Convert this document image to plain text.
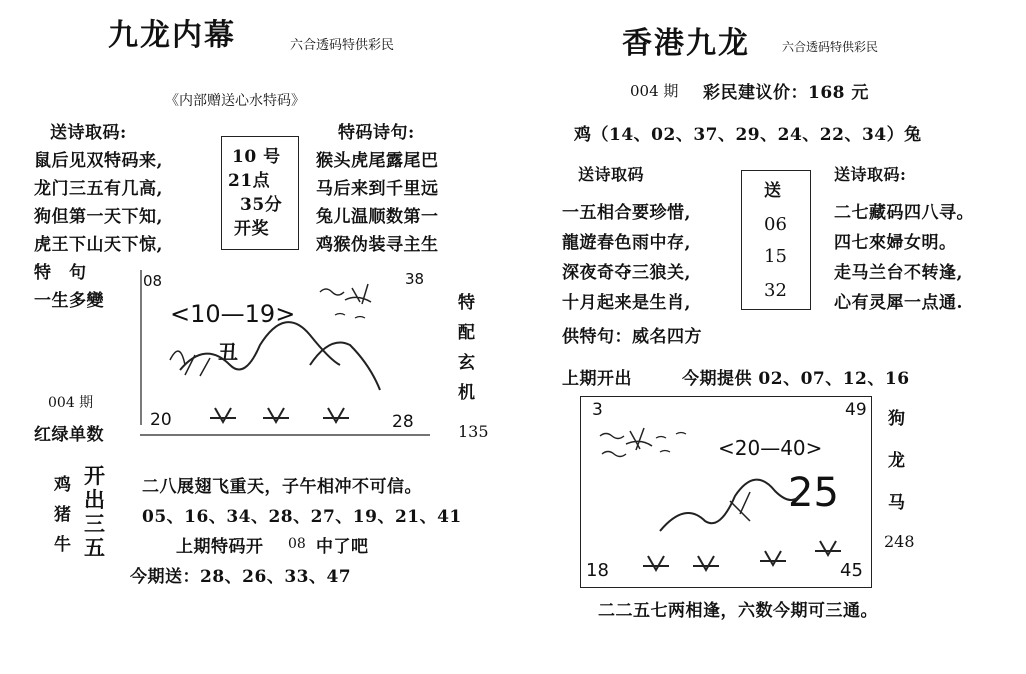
九龙内幕	六合透码特供彩民
《内部赠送心水特码》
送诗取码:
鼠后见双特码来,
龙门三五有几高,
狗但第一天下知,
虎王下山天下惊,
10 号
21点
35分
开奖
特码诗句:
猴头虎尾露尾巴
马后来到千里远
兔儿温顺数第一
鸡猴伪装寻主生
特　句
一生多變
08	38
<10—19>
丑
20	28
特
配
玄
机
004 期
红绿单数	135
鸡
猪
牛
开
出
三
五
二八展翅飞重天，子午相冲不可信。
05、16、34、28、27、19、21、41
上期特码开 08 中了吧
今期送：28、26、33、47
香港九龙	六合透码特供彩民
004 期 彩民建议价：168 元
鸡（14、02、37、29、24、22、34）兔
送诗取码
一五相合要珍惜,
龍遊春色雨中存,
深夜奇夺三狼关,
十月起来是生肖,
送
06
15
32
送诗取码:
二七藏码四八寻。
四七來婦女明。
走马兰台不转逢,
心有灵犀一点通.
供特句：威名四方
上期开出	今期提供 02、07、12、16
3	49
<20—40>
25
18	45
狗
龙
马
248
二二五七两相逢，六数今期可三通。
